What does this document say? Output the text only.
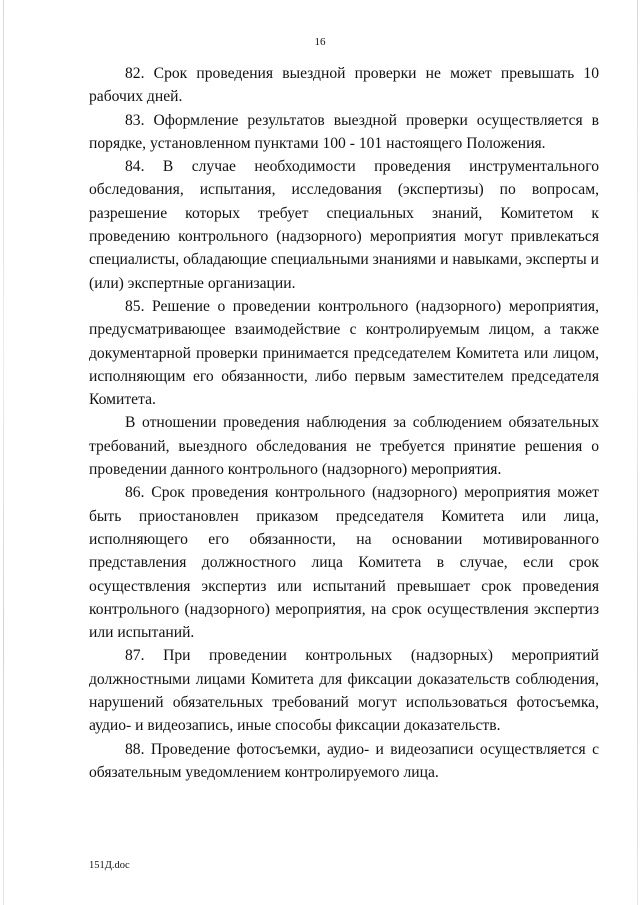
16

82. Срок проведения выездной проверки не может превышать 10 рабочих дней.

83. Оформление результатов выездной проверки осуществляется в порядке, установленном пунктами 100 - 101 настоящего Положения.

84. В случае необходимости проведения инструментального обследования, испытания, исследования (экспертизы) по вопросам, разрешение которых требует специальных знаний, Комитетом к проведению контрольного (надзорного) мероприятия могут привлекаться специалисты, обладающие специальными знаниями и навыками, эксперты и (или) экспертные организации.

85. Решение о проведении контрольного (надзорного) мероприятия, предусматривающее взаимодействие с контролируемым лицом, а также документарной проверки принимается председателем Комитета или лицом, исполняющим его обязанности, либо первым заместителем председателя Комитета.

В отношении проведения наблюдения за соблюдением обязательных требований, выездного обследования не требуется принятие решения о проведении данного контрольного (надзорного) мероприятия.

86. Срок проведения контрольного (надзорного) мероприятия может быть приостановлен приказом председателя Комитета или лица, исполняющего его обязанности, на основании мотивированного представления должностного лица Комитета в случае, если срок осуществления экспертиз или испытаний превышает срок проведения контрольного (надзорного) мероприятия, на срок осуществления экспертиз или испытаний.

87. При проведении контрольных (надзорных) мероприятий должностными лицами Комитета для фиксации доказательств соблюдения, нарушений обязательных требований могут использоваться фотосъемка, аудио- и видеозапись, иные способы фиксации доказательств.

88. Проведение фотосъемки, аудио- и видеозаписи осуществляется с обязательным уведомлением контролируемого лица.

151Д.doc
